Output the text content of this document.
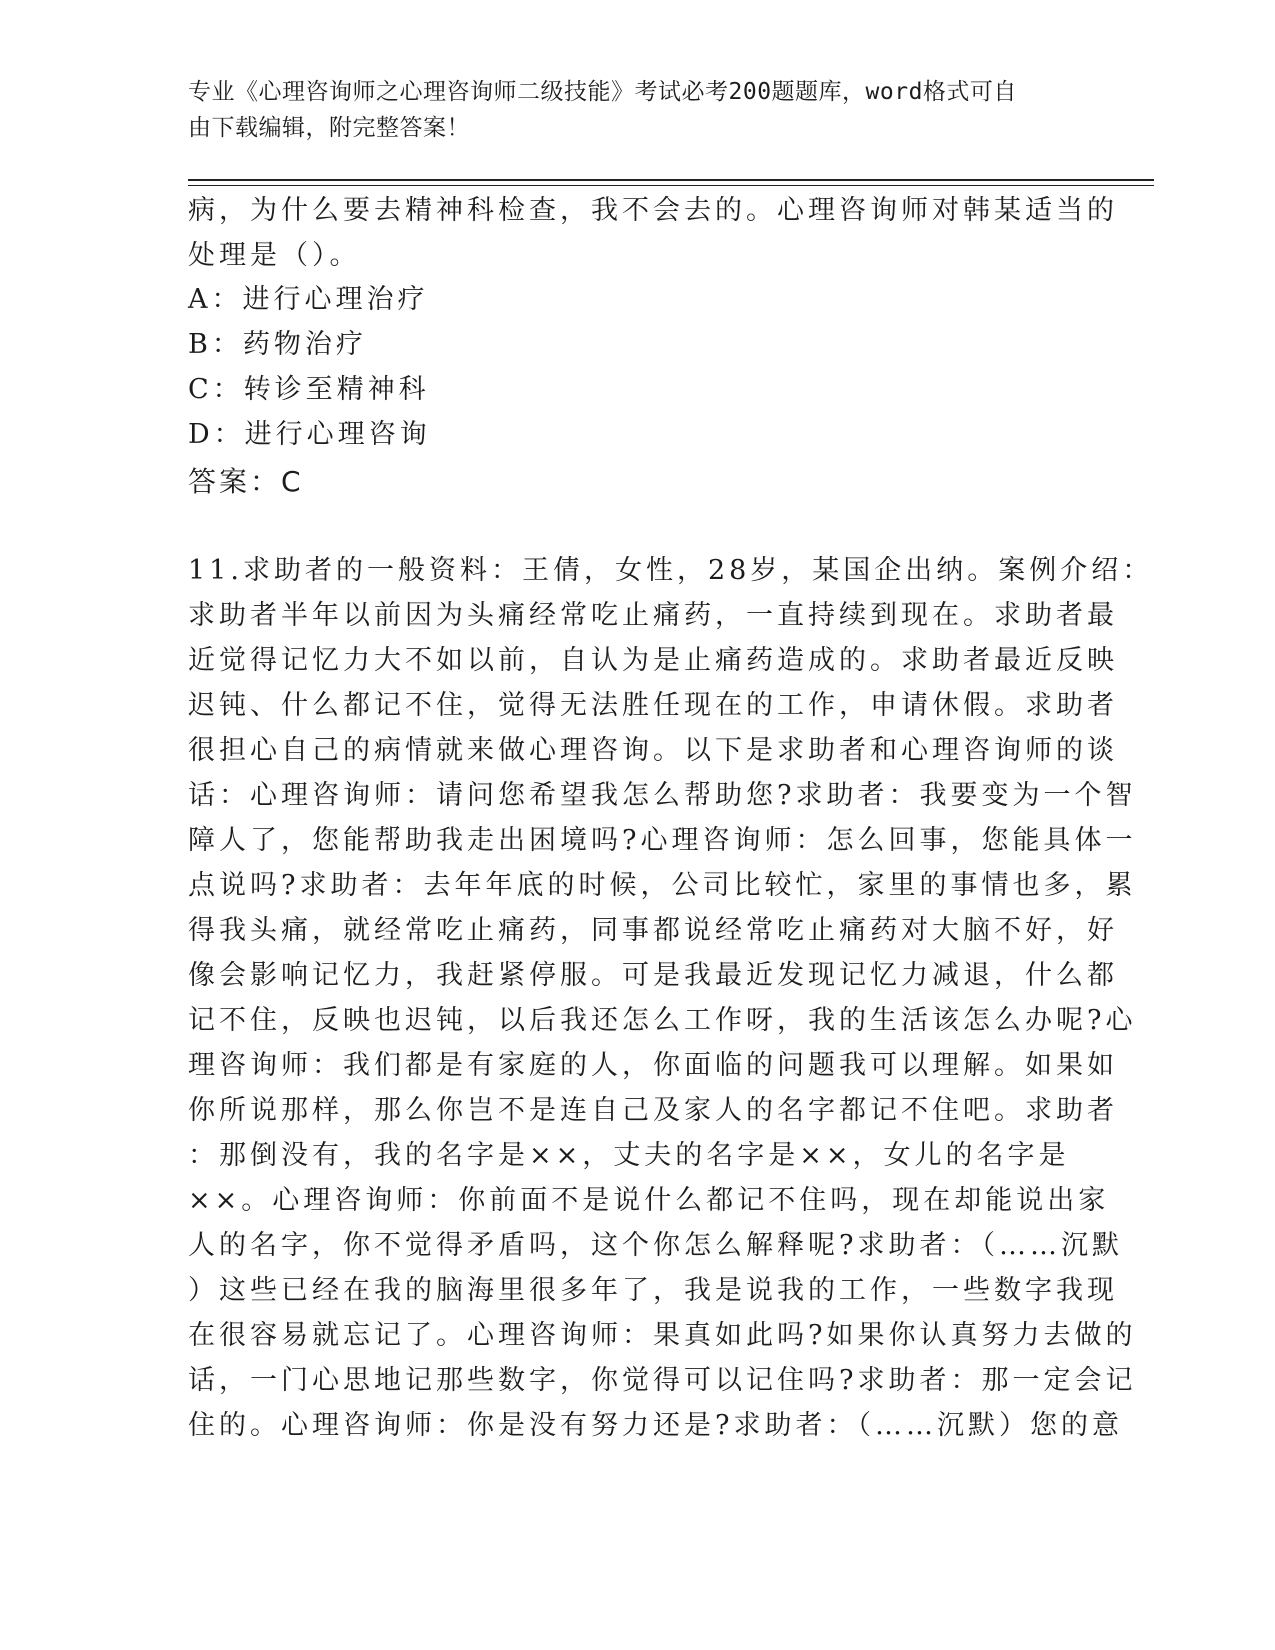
专业《心理咨询师之心理咨询师二级技能》考试必考200题题库，word格式可自
由下载编辑，附完整答案！
病，为什么要去精神科检查，我不会去的。心理咨询师对韩某适当的
处理是（）。
A：进行心理治疗
B：药物治疗
C：转诊至精神科
D：进行心理咨询
答案：C
11.求助者的一般资料：王倩，女性，28岁，某国企出纳。案例介绍：
求助者半年以前因为头痛经常吃止痛药，一直持续到现在。求助者最
近觉得记忆力大不如以前，自认为是止痛药造成的。求助者最近反映
迟钝、什么都记不住，觉得无法胜任现在的工作，申请休假。求助者
很担心自己的病情就来做心理咨询。以下是求助者和心理咨询师的谈
话：心理咨询师：请问您希望我怎么帮助您?求助者：我要变为一个智
障人了，您能帮助我走出困境吗?心理咨询师：怎么回事，您能具体一
点说吗?求助者：去年年底的时候，公司比较忙，家里的事情也多，累
得我头痛，就经常吃止痛药，同事都说经常吃止痛药对大脑不好，好
像会影响记忆力，我赶紧停服。可是我最近发现记忆力减退，什么都
记不住，反映也迟钝，以后我还怎么工作呀，我的生活该怎么办呢?心
理咨询师：我们都是有家庭的人，你面临的问题我可以理解。如果如
你所说那样，那么你岂不是连自己及家人的名字都记不住吧。求助者
：那倒没有，我的名字是××，丈夫的名字是××，女儿的名字是
××。心理咨询师：你前面不是说什么都记不住吗，现在却能说出家
人的名字，你不觉得矛盾吗，这个你怎么解释呢?求助者：（……沉默
）这些已经在我的脑海里很多年了，我是说我的工作，一些数字我现
在很容易就忘记了。心理咨询师：果真如此吗?如果你认真努力去做的
话，一门心思地记那些数字，你觉得可以记住吗?求助者：那一定会记
住的。心理咨询师：你是没有努力还是?求助者：（……沉默）您的意
